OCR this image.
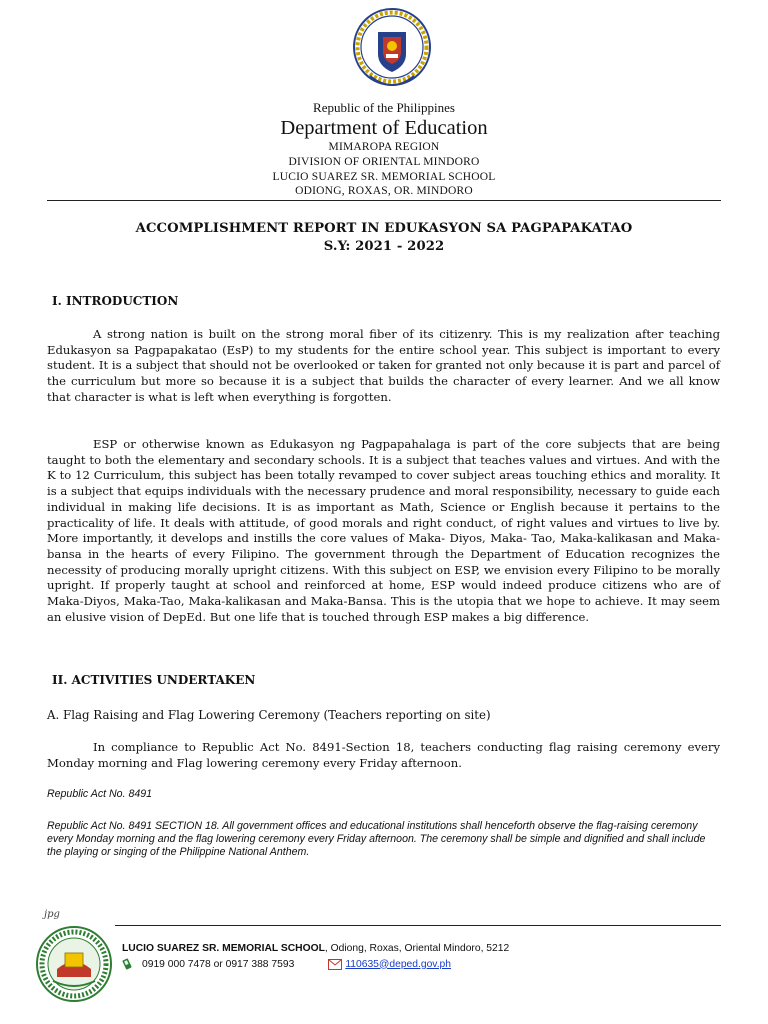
Republic of the Philippines
Department of Education
MIMAROPA REGION
DIVISION OF ORIENTAL MINDORO
LUCIO SUAREZ SR. MEMORIAL SCHOOL
ODIONG, ROXAS, OR. MINDORO
ACCOMPLISHMENT REPORT IN EDUKASYON SA PAGPAPAKATAO
S.Y: 2021 - 2022
I. INTRODUCTION
A strong nation is built on the strong moral fiber of its citizenry. This is my realization after teaching Edukasyon sa Pagpapakatao (EsP) to my students for the entire school year. This subject is important to every student. It is a subject that should not be overlooked or taken for granted not only because it is part and parcel of the curriculum but more so because it is a subject that builds the character of every learner. And we all know that character is what is left when everything is forgotten.
ESP or otherwise known as Edukasyon ng Pagpapahalaga is part of the core subjects that are being taught to both the elementary and secondary schools. It is a subject that teaches values and virtues. And with the K to 12 Curriculum, this subject has been totally revamped to cover subject areas touching ethics and morality. It is a subject that equips individuals with the necessary prudence and moral responsibility, necessary to guide each individual in making life decisions. It is as important as Math, Science or English because it pertains to the practicality of life. It deals with attitude, of good morals and right conduct, of right values and virtues to live by. More importantly, it develops and instills the core values of Maka- Diyos, Maka- Tao, Maka-kalikasan and Maka- bansa in the hearts of every Filipino. The government through the Department of Education recognizes the necessity of producing morally upright citizens. With this subject on ESP, we envision every Filipino to be morally upright. If properly taught at school and reinforced at home, ESP would indeed produce citizens who are of Maka-Diyos, Maka-Tao, Maka-kalikasan and Maka-Bansa. This is the utopia that we hope to achieve. It may seem an elusive vision of DepEd. But one life that is touched through ESP makes a big difference.
II. ACTIVITIES UNDERTAKEN
A. Flag Raising and Flag Lowering Ceremony (Teachers reporting on site)
In compliance to Republic Act No. 8491-Section 18, teachers conducting flag raising ceremony every Monday morning and Flag lowering ceremony every Friday afternoon.
Republic Act No. 8491
Republic Act No. 8491 SECTION 18. All government offices and educational institutions shall henceforth observe the flag-raising ceremony every Monday morning and the flag lowering ceremony every Friday afternoon. The ceremony shall be simple and dignified and shall include the playing or singing of the Philippine National Anthem.
jpg
LUCIO SUAREZ SR. MEMORIAL SCHOOL, Odiong, Roxas, Oriental Mindoro, 5212
0919 000 7478 or 0917 388 7593	110635@deped.gov.ph
